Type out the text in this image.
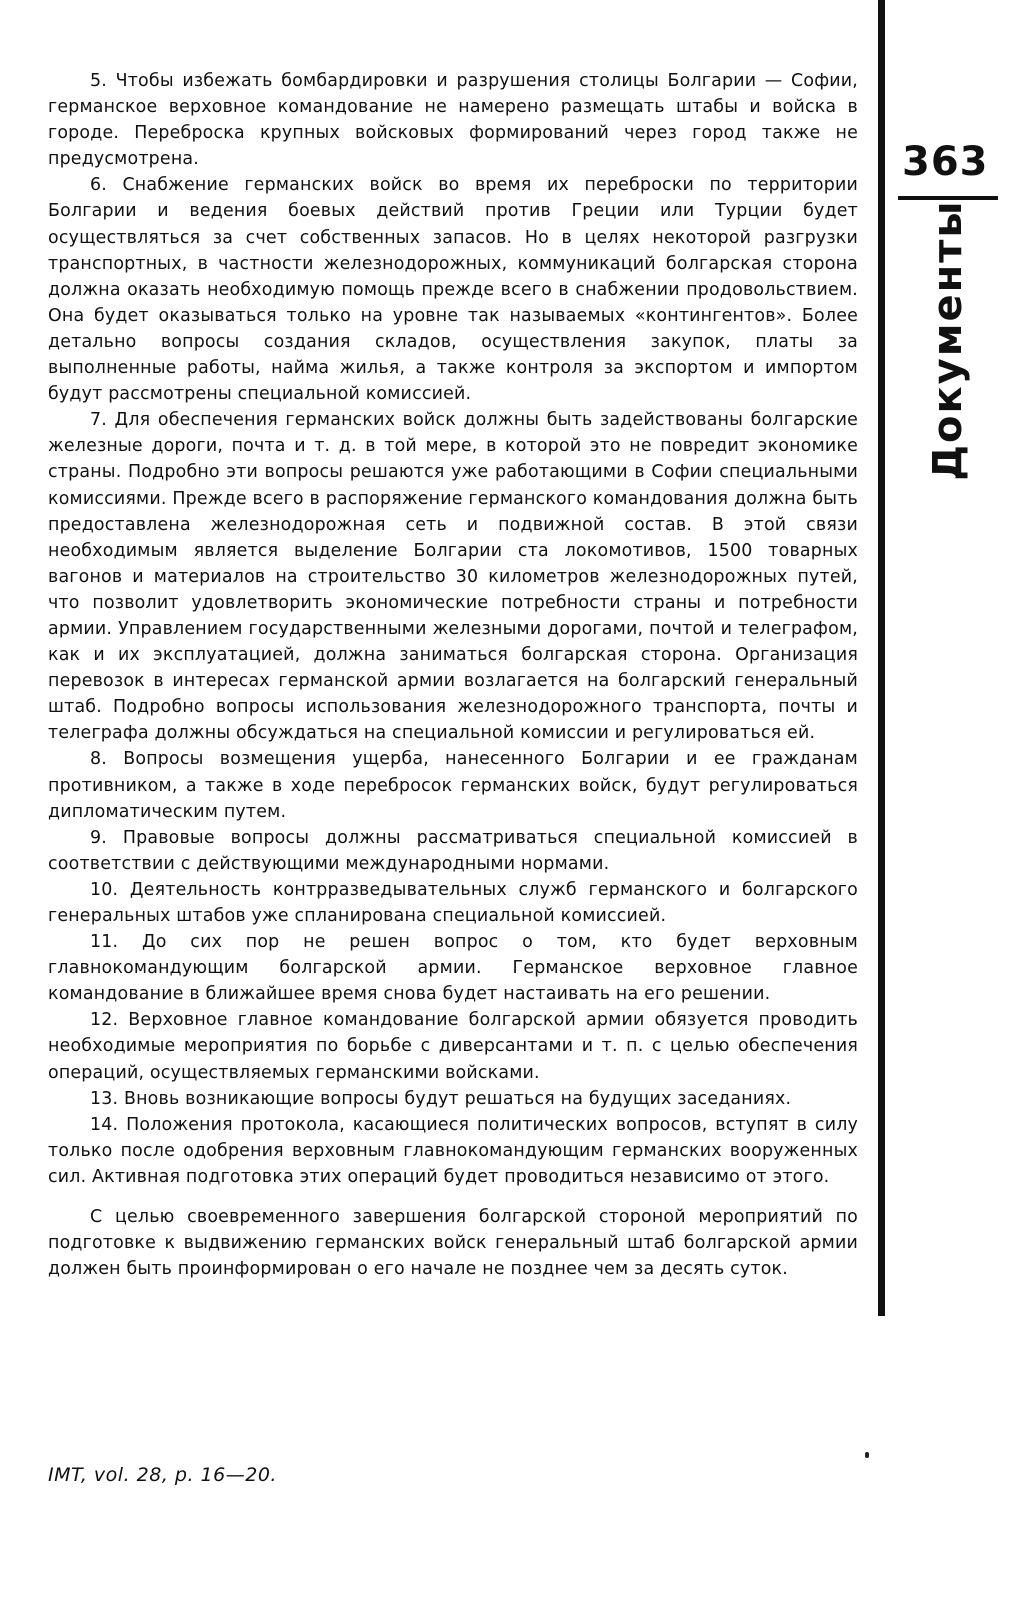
363
Документы

5. Чтобы избежать бомбардировки и разрушения столицы Болгарии — Софии, германское верховное командование не намерено размещать штабы и войска в городе. Переброска крупных войсковых формирований через город также не предусмотрена.

6. Снабжение германских войск во время их переброски по территории Болгарии и ведения боевых действий против Греции или Турции будет осуществляться за счет собственных запасов. Но в целях некоторой разгрузки транспортных, в частности железнодорожных, коммуникаций болгарская сторона должна оказать необходимую помощь прежде всего в снабжении продовольствием. Она будет оказываться только на уровне так называемых «контингентов». Более детально вопросы создания складов, осуществления закупок, платы за выполненные работы, найма жилья, а также контроля за экспортом и импортом будут рассмотрены специальной комиссией.

7. Для обеспечения германских войск должны быть задействованы болгарские железные дороги, почта и т. д. в той мере, в которой это не повредит экономике страны. Подробно эти вопросы решаются уже работающими в Софии специальными комиссиями. Прежде всего в распоряжение германского командования должна быть предоставлена железнодорожная сеть и подвижной состав. В этой связи необходимым является выделение Болгарии ста локомотивов, 1500 товарных вагонов и материалов на строительство 30 километров железнодорожных путей, что позволит удовлетворить экономические потребности страны и потребности армии. Управлением государственными железными дорогами, почтой и телеграфом, как и их эксплуатацией, должна заниматься болгарская сторона. Организация перевозок в интересах германской армии возлагается на болгарский генеральный штаб. Подробно вопросы использования железнодорожного транспорта, почты и телеграфа должны обсуждаться на специальной комиссии и регулироваться ей.

8. Вопросы возмещения ущерба, нанесенного Болгарии и ее гражданам противником, а также в ходе перебросок германских войск, будут регулироваться дипломатическим путем.

9. Правовые вопросы должны рассматриваться специальной комиссией в соответствии с действующими международными нормами.

10. Деятельность контрразведывательных служб германского и болгарского генеральных штабов уже спланирована специальной комиссией.

11. До сих пор не решен вопрос о том, кто будет верховным главнокомандующим болгарской армии. Германское верховное главное командование в ближайшее время снова будет настаивать на его решении.

12. Верховное главное командование болгарской армии обязуется проводить необходимые мероприятия по борьбе с диверсантами и т. п. с целью обеспечения операций, осуществляемых германскими войсками.

13. Вновь возникающие вопросы будут решаться на будущих заседаниях.

14. Положения протокола, касающиеся политических вопросов, вступят в силу только после одобрения верховным главнокомандующим германских вооруженных сил. Активная подготовка этих операций будет проводиться независимо от этого.

С целью своевременного завершения болгарской стороной мероприятий по подготовке к выдвижению германских войск генеральный штаб болгарской армии должен быть проинформирован о его начале не позднее чем за десять суток.

IMT, vol. 28, p. 16—20.
